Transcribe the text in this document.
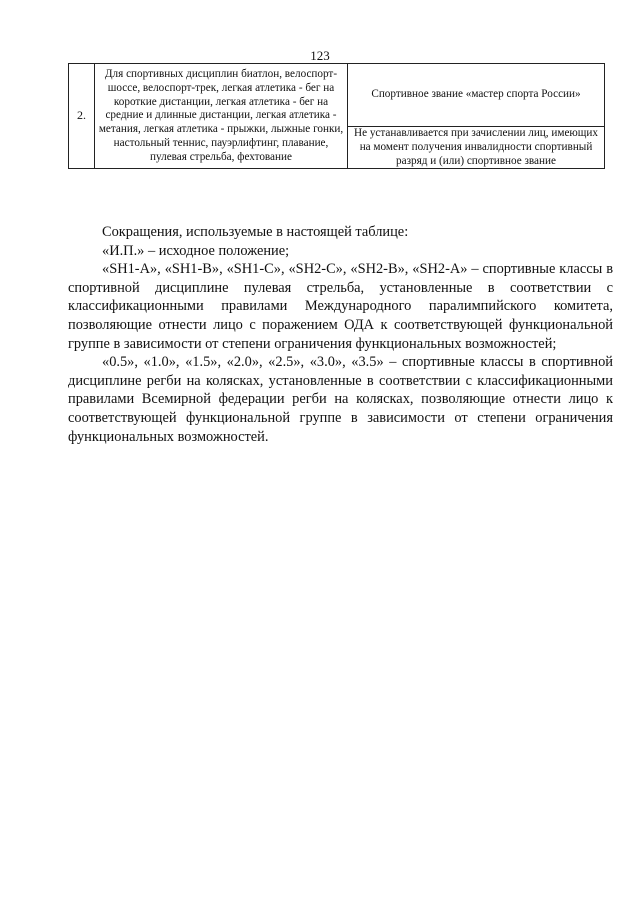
123
2.	Для спортивных дисциплин биатлон, велоспорт-шоссе, велоспорт-трек, легкая атлетика - бег на короткие дистанции, легкая атлетика - бег на средние и длинные дистанции, легкая атлетика - метания, легкая атлетика - прыжки, лыжные гонки, настольный теннис, пауэрлифтинг, плавание, пулевая стрельба, фехтование	Спортивное звание «мастер спорта России»
Не устанавливается при зачислении лиц, имеющих на момент получения инвалидности спортивный разряд и (или) спортивное звание

Сокращения, используемые в настоящей таблице:

«И.П.» – исходное положение;

«SH1-А», «SH1-В», «SH1-С», «SH2-С», «SH2-В», «SH2-А» – спортивные классы в спортивной дисциплине пулевая стрельба, установленные в соответствии с классификационными правилами Международного паралимпийского комитета, позволяющие отнести лицо с поражением ОДА к соответствующей функциональной группе в зависимости от степени ограничения функциональных возможностей;

«0.5», «1.0», «1.5», «2.0», «2.5», «3.0», «3.5» – спортивные классы в спортивной дисциплине регби на колясках, установленные в соответствии с классификационными правилами Всемирной федерации регби на колясках, позволяющие отнести лицо к соответствующей функциональной группе в зависимости от степени ограничения функциональных возможностей.
